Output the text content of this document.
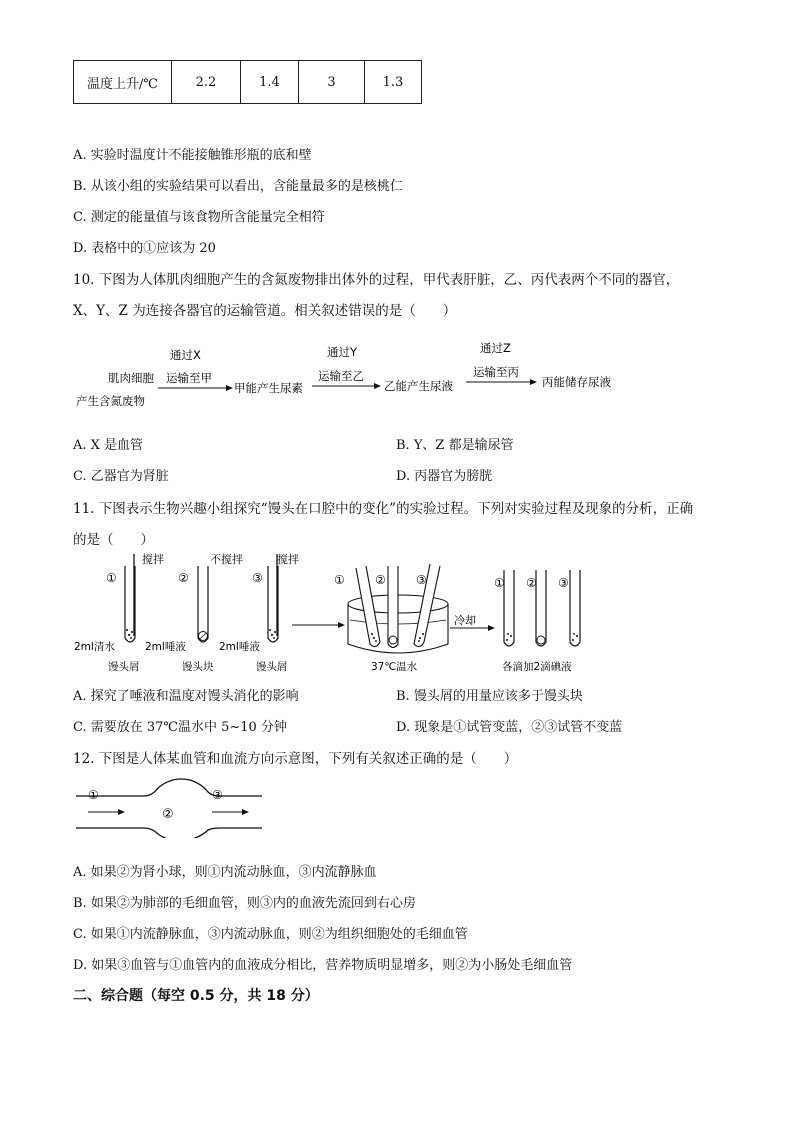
温度上升/℃	2.2	1.4	3	1.3
A. 实验时温度计不能接触锥形瓶的底和壁
B. 从该小组的实验结果可以看出，含能量最多的是核桃仁
C. 测定的能量值与该食物所含能量完全相符
D. 表格中的①应该为 20
10. 下图为人体肌肉细胞产生的含氮废物排出体外的过程，甲代表肝脏，乙、丙代表两个不同的器官，
X、Y、Z 为连接各器官的运输管道。相关叙述错误的是（　　）
肌肉细胞
产生含氮废物
通过X
运输至甲
甲能产生尿素
通过Y
运输至乙
乙能产生尿液
通过Z
运输至丙
丙能储存尿液
A. X 是血管	B. Y、Z 都是输尿管
C. 乙器官为肾脏	D. 丙器官为膀胱
11. 下图表示生物兴趣小组探究“馒头在口腔中的变化”的实验过程。下列对实验过程及现象的分析，正确
的是（　　）
①
搅拌
2ml清水
馒头屑
②
不搅拌
2ml唾液
馒头块
③
搅拌
2ml唾液
馒头屑
①	②	③
37℃温水
冷却
① ② ③
各滴加2滴碘液
A. 探究了唾液和温度对馒头消化的影响	B. 馒头屑的用量应该多于馒头块
C. 需要放在 37℃温水中 5~10 分钟	D. 现象是①试管变蓝，②③试管不变蓝
12. 下图是人体某血管和血流方向示意图，下列有关叙述正确的是（　　）
①
②
③
A. 如果②为肾小球，则①内流动脉血，③内流静脉血
B. 如果②为肺部的毛细血管，则③内的血液先流回到右心房
C. 如果①内流静脉血，③内流动脉血，则②为组织细胞处的毛细血管
D. 如果③血管与①血管内的血液成分相比，营养物质明显增多，则②为小肠处毛细血管
二、综合题（每空 0.5 分，共 18 分）
